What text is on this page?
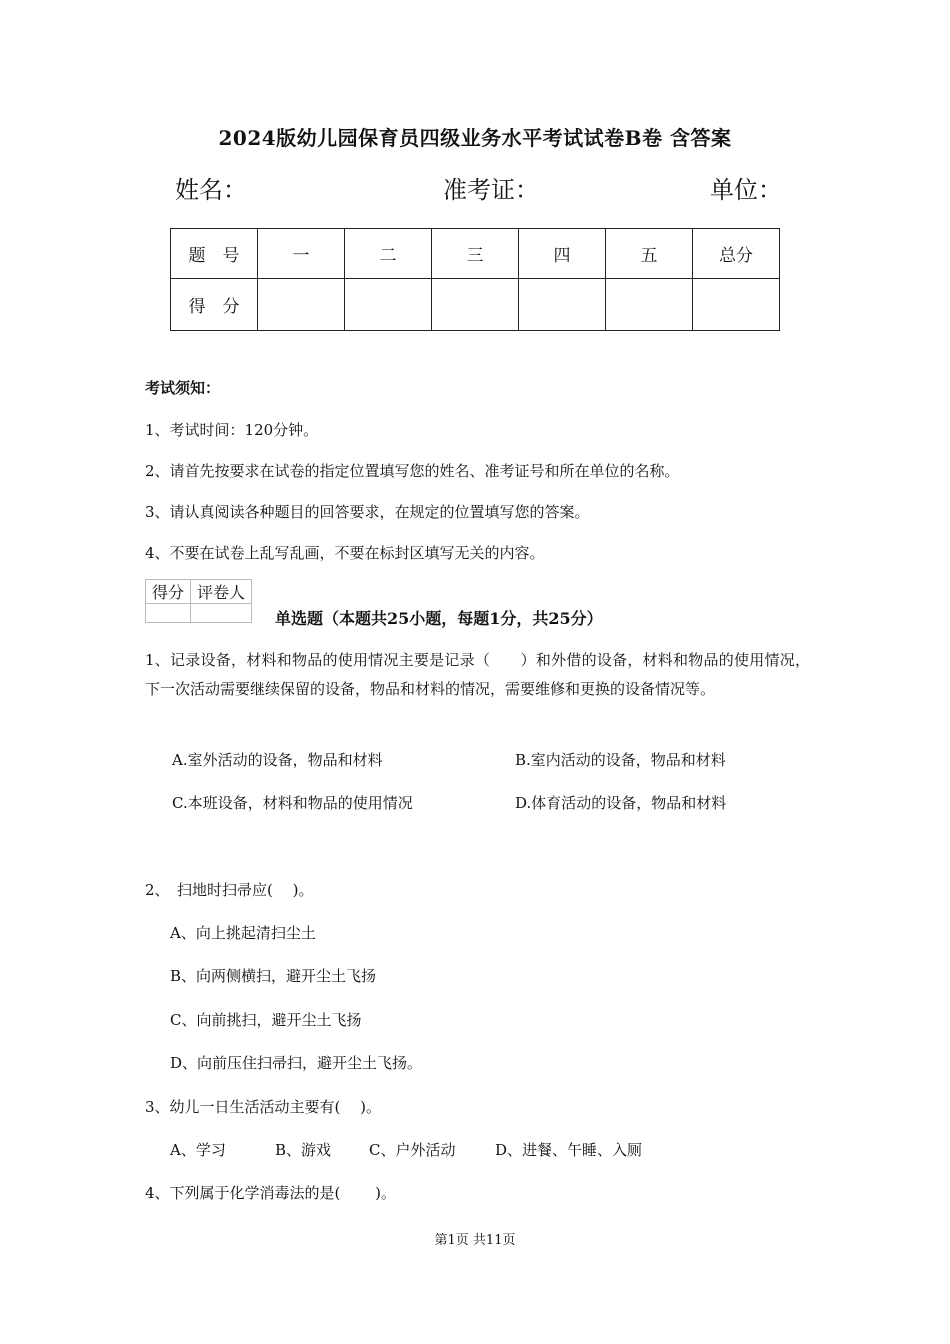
2024版幼儿园保育员四级业务水平考试试卷B卷 含答案
姓名：	准考证：	单位：
题　号	一	二	三	四	五	总分
得　分						
考试须知：
1、考试时间：120分钟。
2、请首先按要求在试卷的指定位置填写您的姓名、准考证号和所在单位的名称。
3、请认真阅读各种题目的回答要求，在规定的位置填写您的答案。
4、不要在试卷上乱写乱画，不要在标封区填写无关的内容。
得分	评卷人

单选题（本题共25小题，每题1分，共25分）
1、记录设备，材料和物品的使用情况主要是记录（　　）和外借的设备，材料和物品的使用情况，下一次活动需要继续保留的设备，物品和材料的情况，需要维修和更换的设备情况等。
A.室外活动的设备，物品和材料	B.室内活动的设备，物品和材料
C.本班设备，材料和物品的使用情况	D.体育活动的设备，物品和材料
2、　扫地时扫帚应(　 )。
A、向上挑起清扫尘土
B、向两侧横扫，避开尘土飞扬
C、向前挑扫，避开尘土飞扬
D、向前压住扫帚扫，避开尘土飞扬。
3、幼儿一日生活活动主要有(　 )。
A、学习	B、游戏	C、户外活动	D、进餐、午睡、入厕
4、下列属于化学消毒法的是(　　 )。
第1页 共11页
